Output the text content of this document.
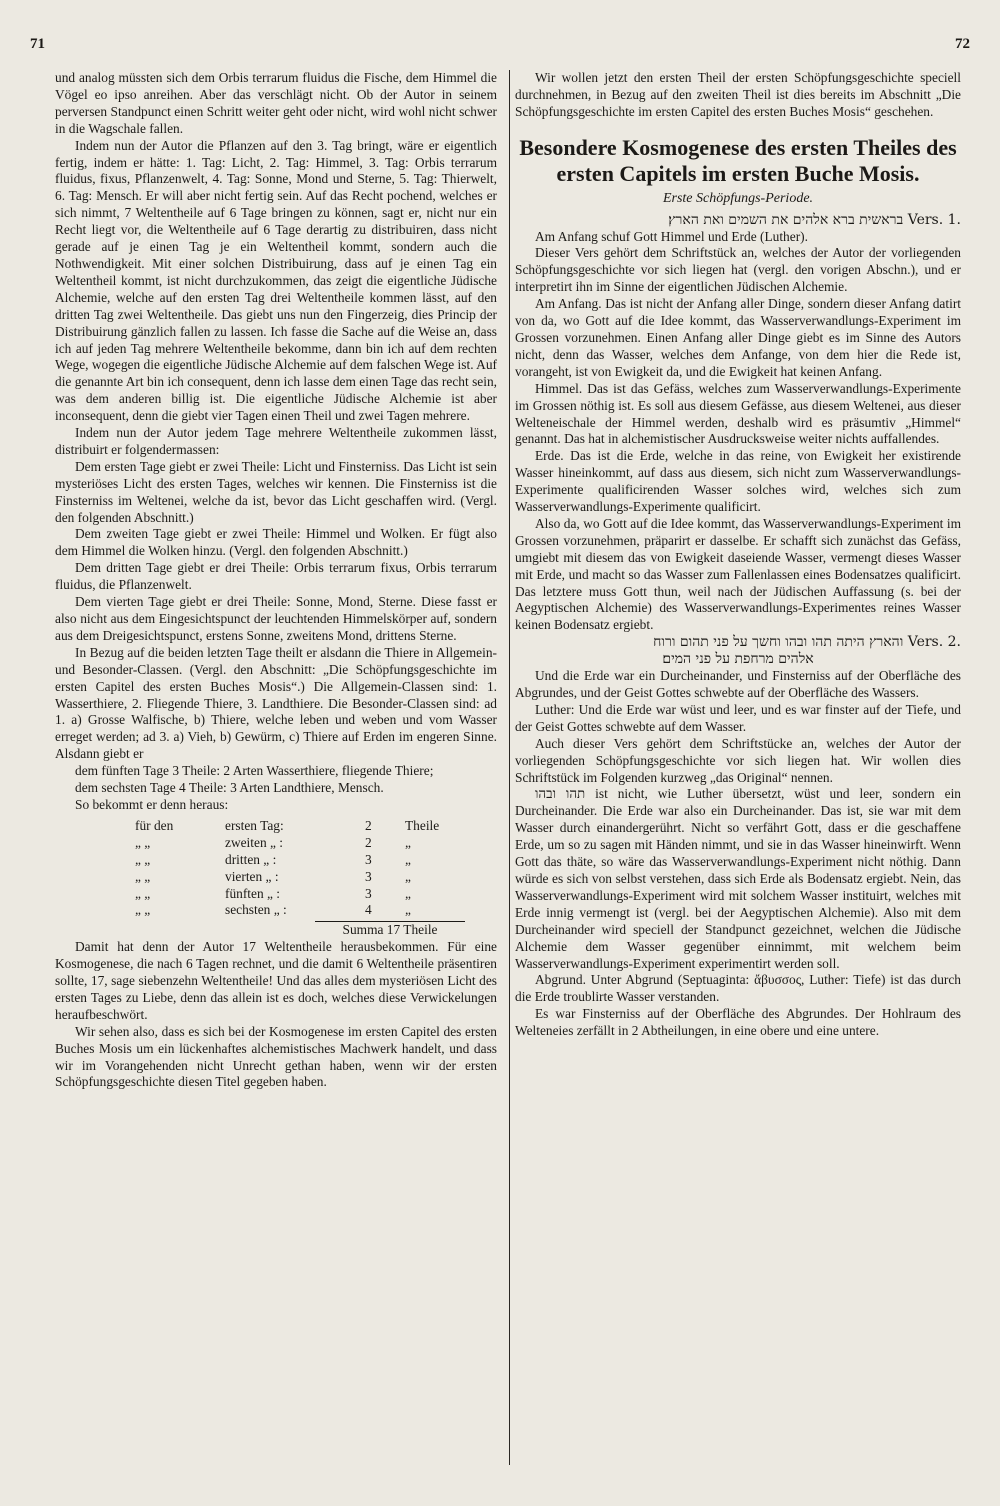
71	72

und analog müssten sich dem Orbis terrarum fluidus die Fische, dem Himmel die Vögel eo ipso anreihen. Aber das verschlägt nicht. Ob der Autor in seinem perversen Standpunct einen Schritt weiter geht oder nicht, wird wohl nicht schwer in die Wagschale fallen.

Indem nun der Autor die Pflanzen auf den 3. Tag bringt, wäre er eigentlich fertig, indem er hätte: 1. Tag: Licht, 2. Tag: Himmel, 3. Tag: Orbis terrarum fluidus, fixus, Pflanzenwelt, 4. Tag: Sonne, Mond und Sterne, 5. Tag: Thierwelt, 6. Tag: Mensch. Er will aber nicht fertig sein. Auf das Recht pochend, welches er sich nimmt, 7 Weltentheile auf 6 Tage bringen zu können, sagt er, nicht nur ein Recht liegt vor, die Weltentheile auf 6 Tage derartig zu distribuiren, dass nicht gerade auf je einen Tag je ein Weltentheil kommt, sondern auch die Nothwendigkeit. Mit einer solchen Distribuirung, dass auf je einen Tag ein Weltentheil kommt, ist nicht durchzukommen, das zeigt die eigentliche Jüdische Alchemie, welche auf den ersten Tag drei Weltentheile kommen lässt, auf den dritten Tag zwei Weltentheile. Das giebt uns nun den Fingerzeig, dies Princip der Distribuirung gänzlich fallen zu lassen. Ich fasse die Sache auf die Weise an, dass ich auf jeden Tag mehrere Weltentheile bekomme, dann bin ich auf dem rechten Wege, wogegen die eigentliche Jüdische Alchemie auf dem falschen Wege ist. Auf die genannte Art bin ich consequent, denn ich lasse dem einen Tage das recht sein, was dem anderen billig ist. Die eigentliche Jüdische Alchemie ist aber inconsequent, denn die giebt vier Tagen einen Theil und zwei Tagen mehrere.

Indem nun der Autor jedem Tage mehrere Weltentheile zukommen lässt, distribuirt er folgendermassen:

Dem ersten Tage giebt er zwei Theile: Licht und Finsterniss. Das Licht ist sein mysteriöses Licht des ersten Tages, welches wir kennen. Die Finsterniss ist die Finsterniss im Weltenei, welche da ist, bevor das Licht geschaffen wird. (Vergl. den folgenden Abschnitt.)

Dem zweiten Tage giebt er zwei Theile: Himmel und Wolken. Er fügt also dem Himmel die Wolken hinzu. (Vergl. den folgenden Abschnitt.)

Dem dritten Tage giebt er drei Theile: Orbis terrarum fixus, Orbis terrarum fluidus, die Pflanzenwelt.

Dem vierten Tage giebt er drei Theile: Sonne, Mond, Sterne. Diese fasst er also nicht aus dem Eingesichtspunct der leuchtenden Himmelskörper auf, sondern aus dem Dreigesichtspunct, erstens Sonne, zweitens Mond, drittens Sterne.

In Bezug auf die beiden letzten Tage theilt er alsdann die Thiere in Allgemein- und Besonder-Classen. (Vergl. den Abschnitt: „Die Schöpfungsgeschichte im ersten Capitel des ersten Buches Mosis“.) Die Allgemein-Classen sind: 1. Wasserthiere, 2. Fliegende Thiere, 3. Landthiere. Die Besonder-Classen sind: ad 1. a) Grosse Walfische, b) Thiere, welche leben und weben und vom Wasser erreget werden; ad 3. a) Vieh, b) Gewürm, c) Thiere auf Erden im engeren Sinne. Alsdann giebt er

dem fünften Tage 3 Theile: 2 Arten Wasserthiere, fliegende Thiere;

dem sechsten Tage 4 Theile: 3 Arten Landthiere, Mensch.

So bekommt er denn heraus:

für den	ersten Tag:	2	Theile
„ „	zweiten „ :	2	„
„ „	dritten „ :	3	„
„ „	vierten „ :	3	„
„ „	fünften „ :	3	„
„ „	sechsten „ :	4	„
Summa 17 Theile

Damit hat denn der Autor 17 Weltentheile herausbekommen. Für eine Kosmogenese, die nach 6 Tagen rechnet, und die damit 6 Weltentheile präsentiren sollte, 17, sage siebenzehn Weltentheile! Und das alles dem mysteriösen Licht des ersten Tages zu Liebe, denn das allein ist es doch, welches diese Verwickelungen heraufbeschwört.

Wir sehen also, dass es sich bei der Kosmogenese im ersten Capitel des ersten Buches Mosis um ein lückenhaftes alchemistisches Machwerk handelt, und dass wir im Vorangehenden nicht Unrecht gethan haben, wenn wir der ersten Schöpfungsgeschichte diesen Titel gegeben haben.

Wir wollen jetzt den ersten Theil der ersten Schöpfungsgeschichte speciell durchnehmen, in Bezug auf den zweiten Theil ist dies bereits im Abschnitt „Die Schöpfungsgeschichte im ersten Capitel des ersten Buches Mosis“ geschehen.

Besondere Kosmogenese des ersten Theiles des ersten Capitels im ersten Buche Mosis.
Erste Schöpfungs-Periode.
בראשית ברא אלהים את השמים ואת הארץ׃ Vers. 1.

Am Anfang schuf Gott Himmel und Erde (Luther).

Dieser Vers gehört dem Schriftstück an, welches der Autor der vorliegenden Schöpfungsgeschichte vor sich liegen hat (vergl. den vorigen Abschn.), und er interpretirt ihn im Sinne der eigentlichen Jüdischen Alchemie.

Am Anfang. Das ist nicht der Anfang aller Dinge, sondern dieser Anfang datirt von da, wo Gott auf die Idee kommt, das Wasserverwandlungs-Experiment im Grossen vorzunehmen. Einen Anfang aller Dinge giebt es im Sinne des Autors nicht, denn das Wasser, welches dem Anfange, von dem hier die Rede ist, vorangeht, ist von Ewigkeit da, und die Ewigkeit hat keinen Anfang.

Himmel. Das ist das Gefäss, welches zum Wasserverwandlungs-Experimente im Grossen nöthig ist. Es soll aus diesem Gefässe, aus diesem Weltenei, aus dieser Welteneischale der Himmel werden, deshalb wird es präsumtiv „Himmel“ genannt. Das hat in alchemistischer Ausdrucksweise weiter nichts auffallendes.

Erde. Das ist die Erde, welche in das reine, von Ewigkeit her existirende Wasser hineinkommt, auf dass aus diesem, sich nicht zum Wasserverwandlungs-Experimente qualificirenden Wasser solches wird, welches sich zum Wasserverwandlungs-Experimente qualificirt.

Also da, wo Gott auf die Idee kommt, das Wasserverwandlungs-Experiment im Grossen vorzunehmen, präparirt er dasselbe. Er schafft sich zunächst das Gefäss, umgiebt mit diesem das von Ewigkeit daseiende Wasser, vermengt dieses Wasser mit Erde, und macht so das Wasser zum Fallenlassen eines Bodensatzes qualificirt. Das letztere muss Gott thun, weil nach der Jüdischen Auffassung (s. bei der Aegyptischen Alchemie) des Wasserverwandlungs-Experimentes reines Wasser keinen Bodensatz ergiebt.

והארץ היתה תהו ובהו וחשך על פני תהום ורוח Vers. 2.
אלהים מרחפת על פני המים׃

Und die Erde war ein Durcheinander, und Finsterniss auf der Oberfläche des Abgrundes, und der Geist Gottes schwebte auf der Oberfläche des Wassers.

Luther: Und die Erde war wüst und leer, und es war finster auf der Tiefe, und der Geist Gottes schwebte auf dem Wasser.

Auch dieser Vers gehört dem Schriftstücke an, welches der Autor der vorliegenden Schöpfungsgeschichte vor sich liegen hat. Wir wollen dies Schriftstück im Folgenden kurzweg „das Original“ nennen.

תהו ובהו ist nicht, wie Luther übersetzt, wüst und leer, sondern ein Durcheinander. Die Erde war also ein Durcheinander. Das ist, sie war mit dem Wasser durch einandergerührt. Nicht so verfährt Gott, dass er die geschaffene Erde, um so zu sagen mit Händen nimmt, und sie in das Wasser hineinwirft. Wenn Gott das thäte, so wäre das Wasserverwandlungs-Experiment nicht nöthig. Dann würde es sich von selbst verstehen, dass sich Erde als Bodensatz ergiebt. Nein, das Wasserverwandlungs-Experiment wird mit solchem Wasser instituirt, welches mit Erde innig vermengt ist (vergl. bei der Aegyptischen Alchemie). Also mit dem Durcheinander wird speciell der Standpunct gezeichnet, welchen die Jüdische Alchemie dem Wasser gegenüber einnimmt, mit welchem beim Wasserverwandlungs-Experiment experimentirt werden soll.

Abgrund. Unter Abgrund (Septuaginta: ἄβυσσος, Luther: Tiefe) ist das durch die Erde troublirte Wasser verstanden.

Es war Finsterniss auf der Oberfläche des Abgrundes. Der Hohlraum des Welteneies zerfällt in 2 Abtheilungen, in eine obere und eine untere.
